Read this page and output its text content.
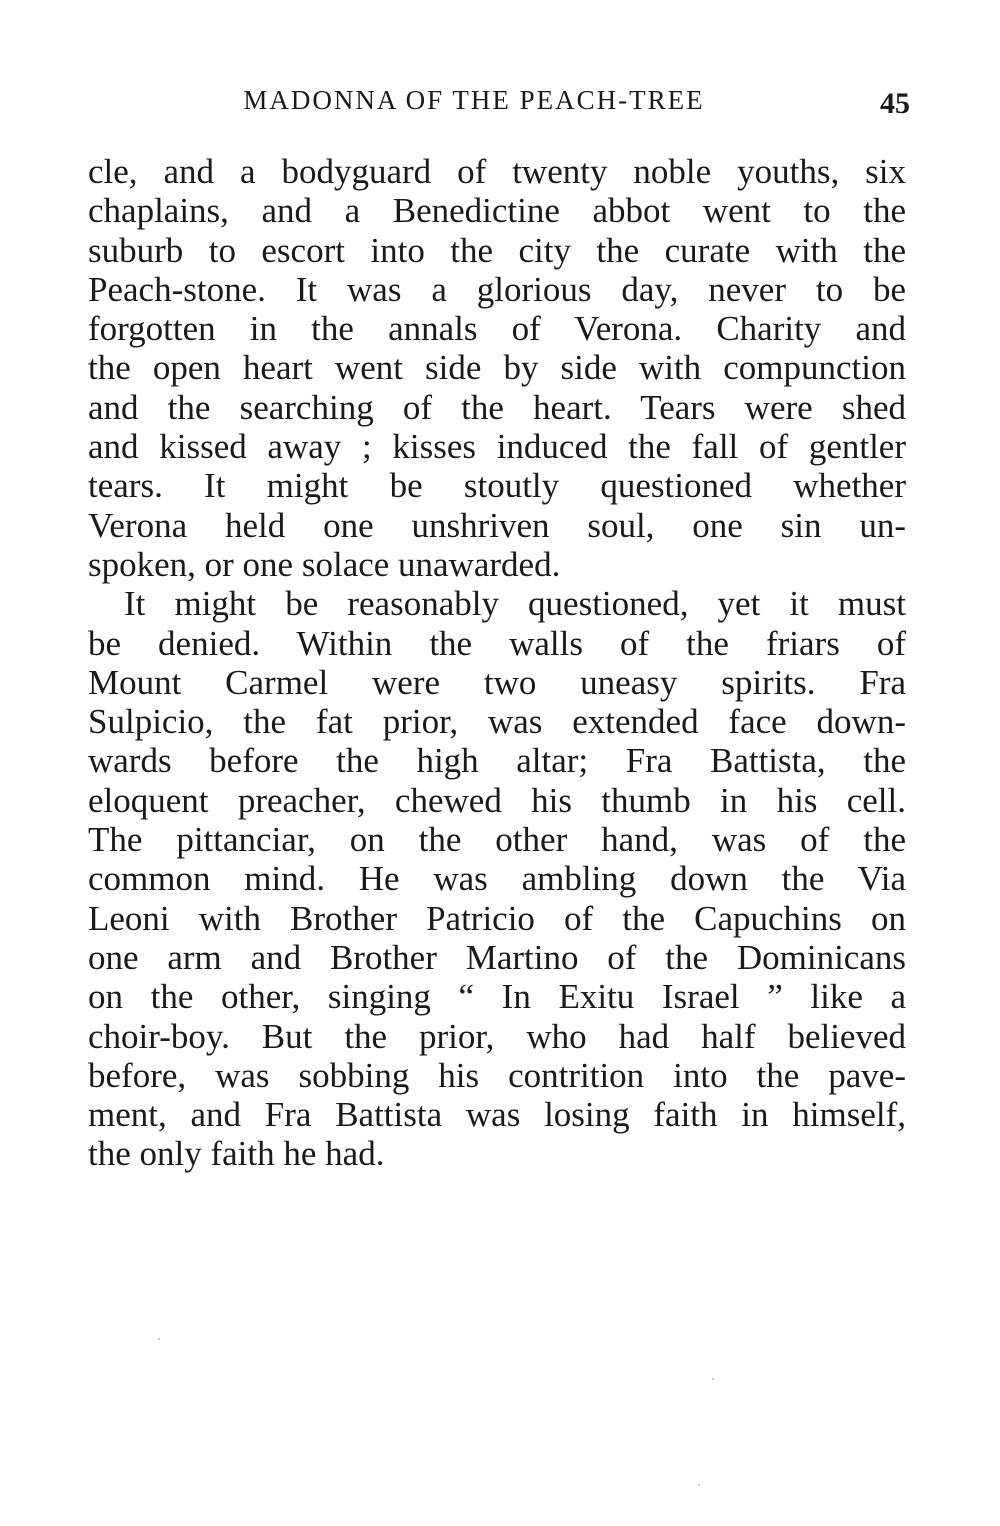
MADONNA OF THE PEACH-TREE	45
cle, and a bodyguard of twenty noble youths, six
chaplains, and a Benedictine abbot went to the
suburb to escort into the city the curate with the
Peach-stone. It was a glorious day, never to be
forgotten in the annals of Verona. Charity and
the open heart went side by side with compunction
and the searching of the heart. Tears were shed
and kissed away ; kisses induced the fall of gentler
tears. It might be stoutly questioned whether
Verona held one unshriven soul, one sin un-
spoken, or one solace unawarded.
It might be reasonably questioned, yet it must
be denied. Within the walls of the friars of
Mount Carmel were two uneasy spirits. Fra
Sulpicio, the fat prior, was extended face down-
wards before the high altar; Fra Battista, the
eloquent preacher, chewed his thumb in his cell.
The pittanciar, on the other hand, was of the
common mind. He was ambling down the Via
Leoni with Brother Patricio of the Capuchins on
one arm and Brother Martino of the Dominicans
on the other, singing “ In Exitu Israel ” like a
choir-boy. But the prior, who had half believed
before, was sobbing his contrition into the pave-
ment, and Fra Battista was losing faith in himself,
the only faith he had.
